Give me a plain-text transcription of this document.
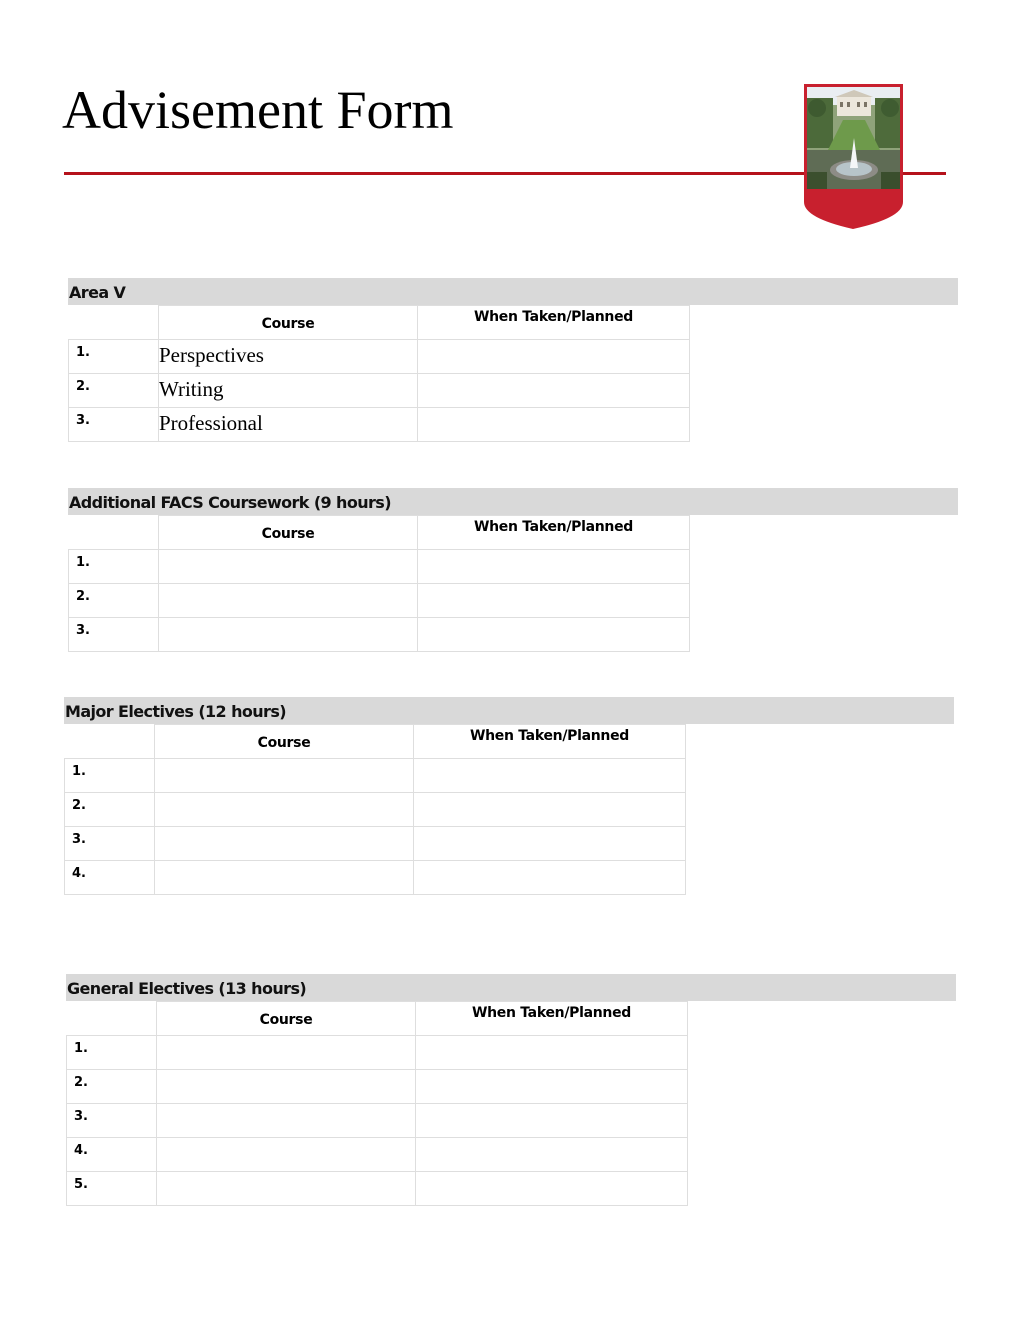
Advisement Form
Area V
	Course	When Taken/Planned
1.	Perspectives	
2.	Writing	
3.	Professional	
Additional FACS Coursework (9 hours)
	Course	When Taken/Planned
1.		
2.		
3.		
Major Electives (12 hours)
	Course	When Taken/Planned
1.		
2.		
3.		
4.		
General Electives (13 hours)
	Course	When Taken/Planned
1.		
2.		
3.		
4.		
5.		
